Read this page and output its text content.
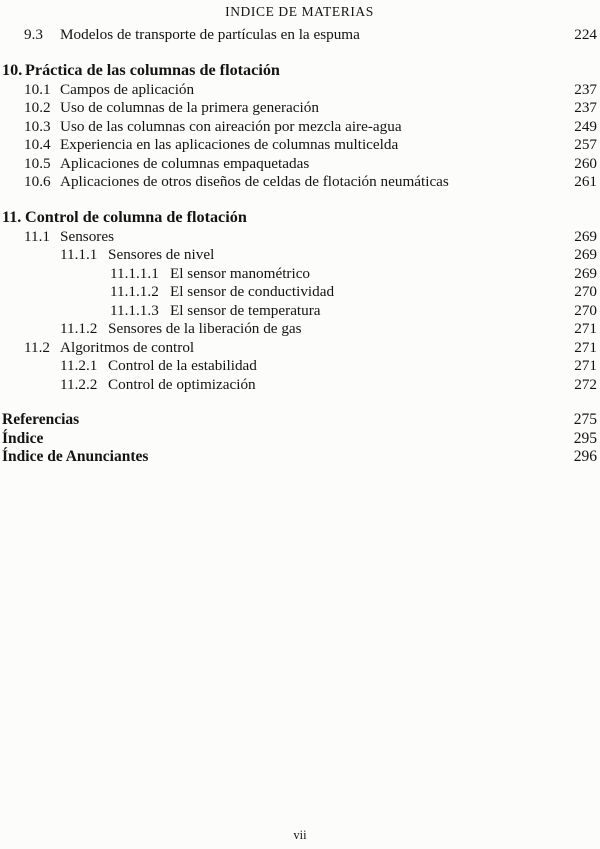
INDICE DE MATERIAS
9.3	Modelos de transporte de partículas en la espuma	224
10. Práctica de las columnas de flotación
10.1 Campos de aplicación	237
10.2 Uso de columnas de la primera generación	237
10.3 Uso de las columnas con aireación por mezcla aire-agua	249
10.4 Experiencia en las aplicaciones de columnas multicelda	257
10.5 Aplicaciones de columnas empaquetadas	260
10.6 Aplicaciones de otros diseños de celdas de flotación neumáticas	261
11. Control de columna de flotación
11.1 Sensores	269
11.1.1 Sensores de nivel	269
11.1.1.1 El sensor manométrico	269
11.1.1.2 El sensor de conductividad	270
11.1.1.3 El sensor de temperatura	270
11.1.2 Sensores de la liberación de gas	271
11.2 Algoritmos de control	271
11.2.1 Control de la estabilidad	271
11.2.2 Control de optimización	272
Referencias	275
Índice	295
Índice de Anunciantes	296
vii
